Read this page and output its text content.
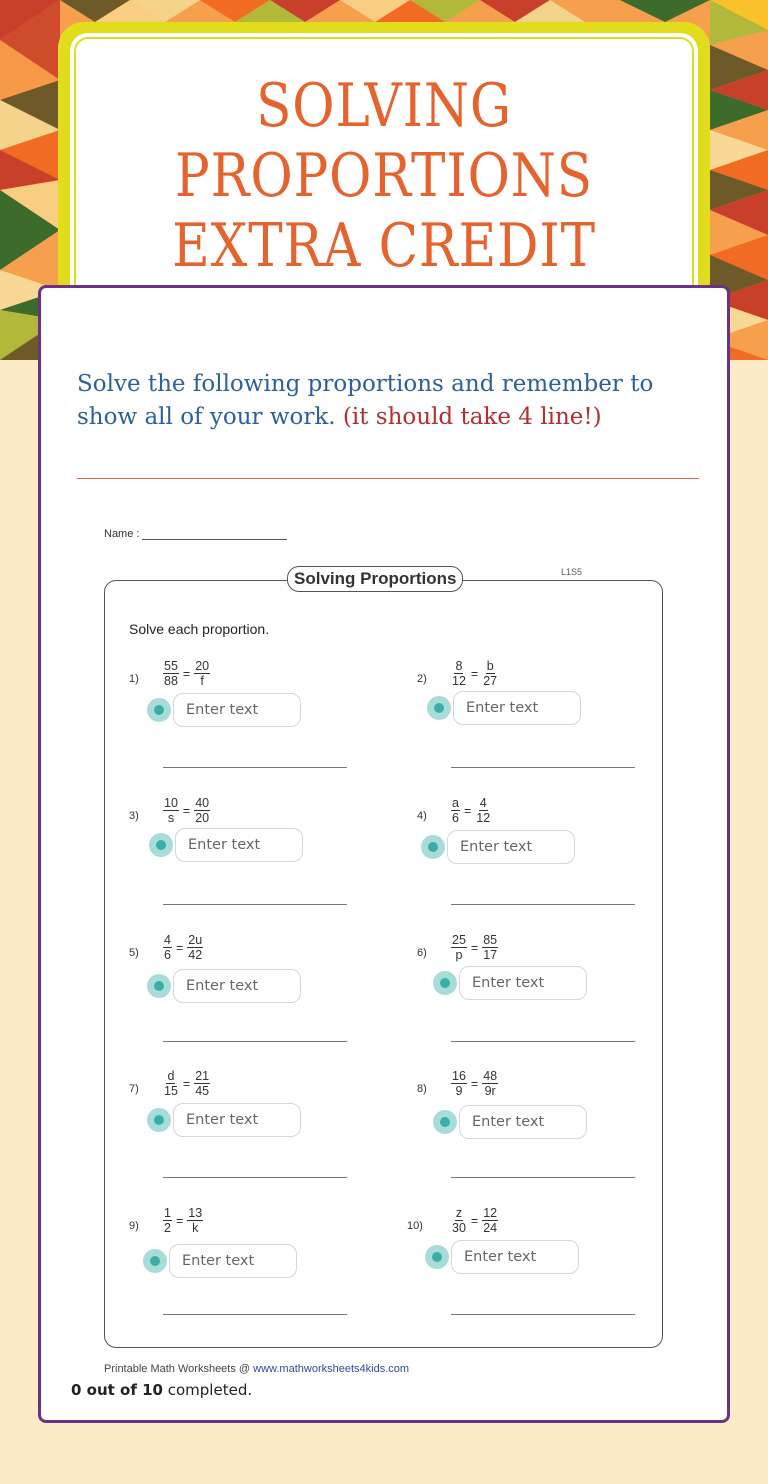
SOLVING PROPORTIONS EXTRA CREDIT

Solve the following proportions and remember to show all of your work. (it should take 4 line!)

Name :
Solving Proportions	L1S5
Solve each proportion.
$1) \frac{55}{88} = \frac{20}{f}$
Enter text	$2) \frac{8}{12} = \frac{b}{27}$
Enter text
$3) \frac{10}{s} = \frac{40}{20}$
Enter text	$4) \frac{a}{6} = \frac{4}{12}$
Enter text
$5) \frac{4}{6} = \frac{2u}{42}$
Enter text	$6) \frac{25}{p} = \frac{85}{17}$
Enter text
$7) \frac{d}{15} = \frac{21}{45}$
Enter text	$8) \frac{16}{9} = \frac{48}{9r}$
Enter text
$9) \frac{1}{2} = \frac{13}{k}$
Enter text	$10) \frac{z}{30} = \frac{12}{24}$
Enter text
Printable Math Worksheets @ www.mathworksheets4kids.com
0 out of 10 completed.
